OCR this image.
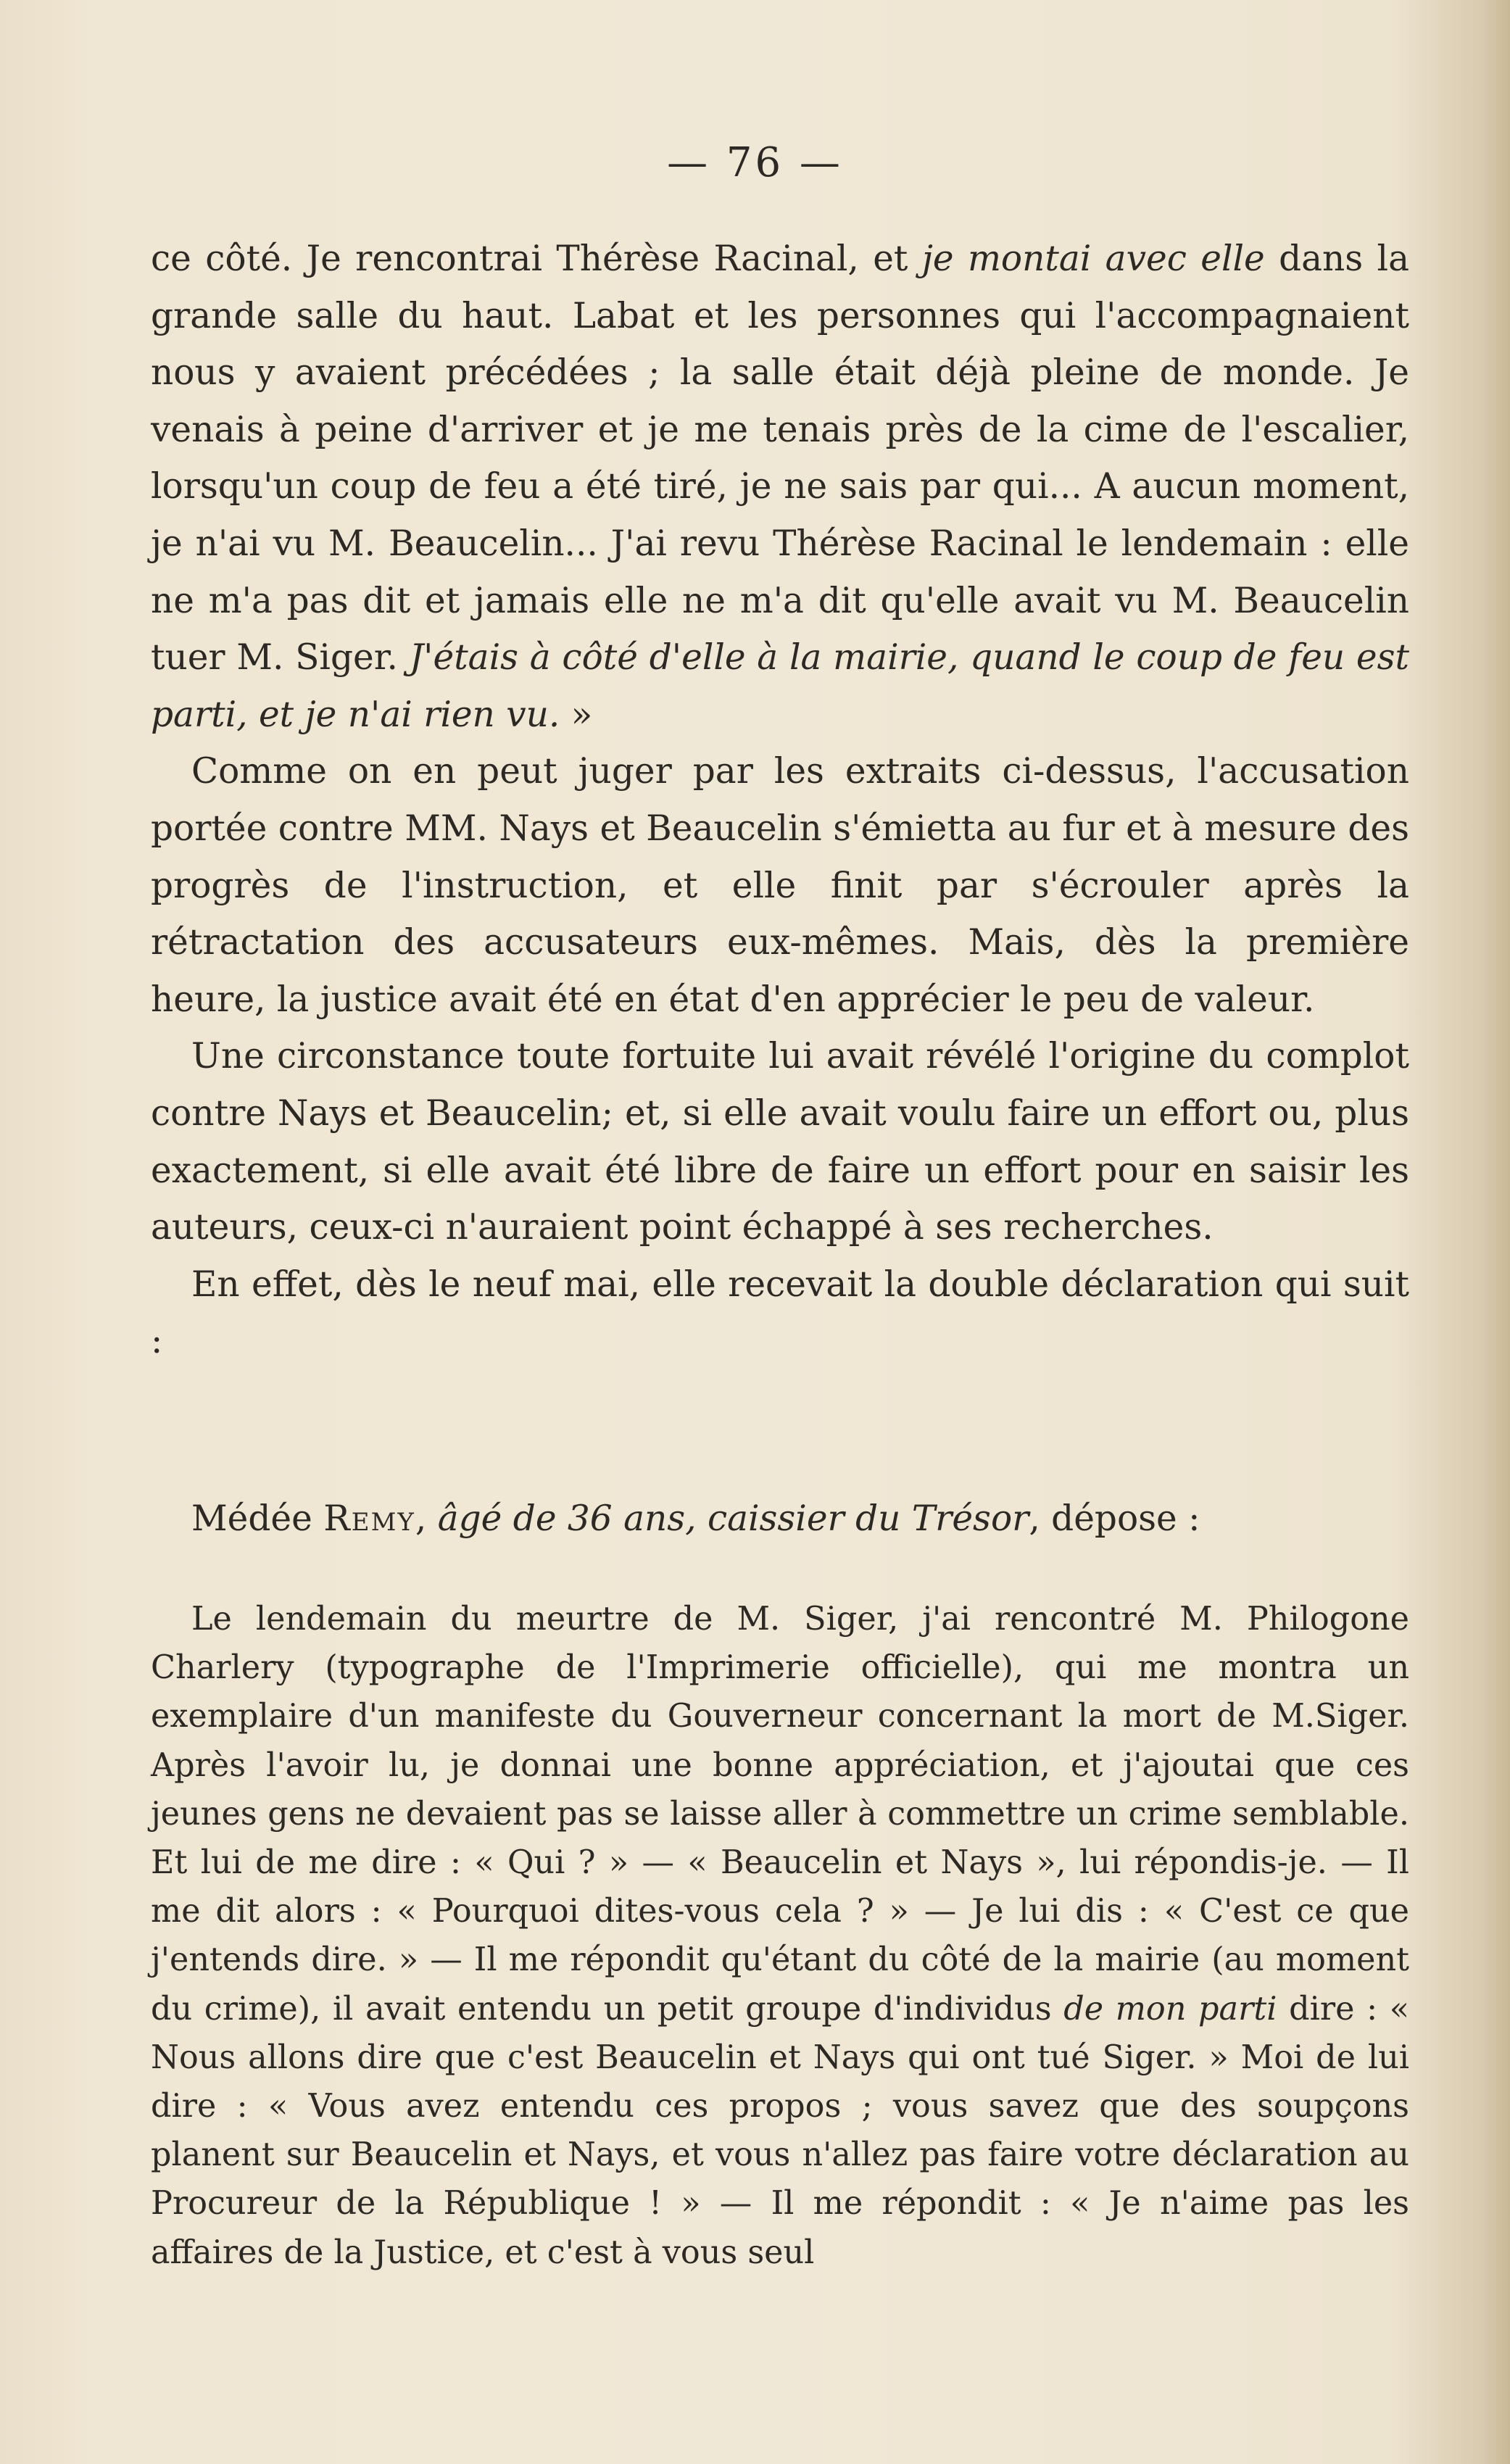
— 76 —

ce côté. Je rencontrai Thérèse Racinal, et je montai avec elle dans la grande salle du haut. Labat et les personnes qui l'accompagnaient nous y avaient précédées ; la salle était déjà pleine de monde. Je venais à peine d'arriver et je me tenais près de la cime de l'escalier, lorsqu'un coup de feu a été tiré, je ne sais par qui... A aucun moment, je n'ai vu M. Beaucelin... J'ai revu Thérèse Racinal le lendemain : elle ne m'a pas dit et jamais elle ne m'a dit qu'elle avait vu M. Beaucelin tuer M. Siger. J'étais à côté d'elle à la mairie, quand le coup de feu est parti, et je n'ai rien vu. »

Comme on en peut juger par les extraits ci-dessus, l'accusation portée contre MM. Nays et Beaucelin s'émietta au fur et à mesure des progrès de l'instruction, et elle finit par s'écrouler après la rétractation des accusateurs eux-mêmes. Mais, dès la première heure, la justice avait été en état d'en apprécier le peu de valeur.

Une circonstance toute fortuite lui avait révélé l'origine du complot contre Nays et Beaucelin; et, si elle avait voulu faire un effort ou, plus exactement, si elle avait été libre de faire un effort pour en saisir les auteurs, ceux-ci n'auraient point échappé à ses recherches.

En effet, dès le neuf mai, elle recevait la double déclaration qui suit :

Médée Remy, âgé de 36 ans, caissier du Trésor, dépose :

Le lendemain du meurtre de M. Siger, j'ai rencontré M. Philogone Charlery (typographe de l'Imprimerie officielle), qui me montra un exemplaire d'un manifeste du Gouverneur concernant la mort de M.Siger. Après l'avoir lu, je donnai une bonne appréciation, et j'ajoutai que ces jeunes gens ne devaient pas se laisse aller à commettre un crime semblable. Et lui de me dire : « Qui ? » — « Beaucelin et Nays », lui répondis-je. — Il me dit alors : « Pourquoi dites-vous cela ? » — Je lui dis : « C'est ce que j'entends dire. » — Il me répondit qu'étant du côté de la mairie (au moment du crime), il avait entendu un petit groupe d'individus de mon parti dire : « Nous allons dire que c'est Beaucelin et Nays qui ont tué Siger. » Moi de lui dire : « Vous avez entendu ces propos ; vous savez que des soupçons planent sur Beaucelin et Nays, et vous n'allez pas faire votre déclaration au Procureur de la République ! » — Il me répondit : « Je n'aime pas les affaires de la Justice, et c'est à vous seul
